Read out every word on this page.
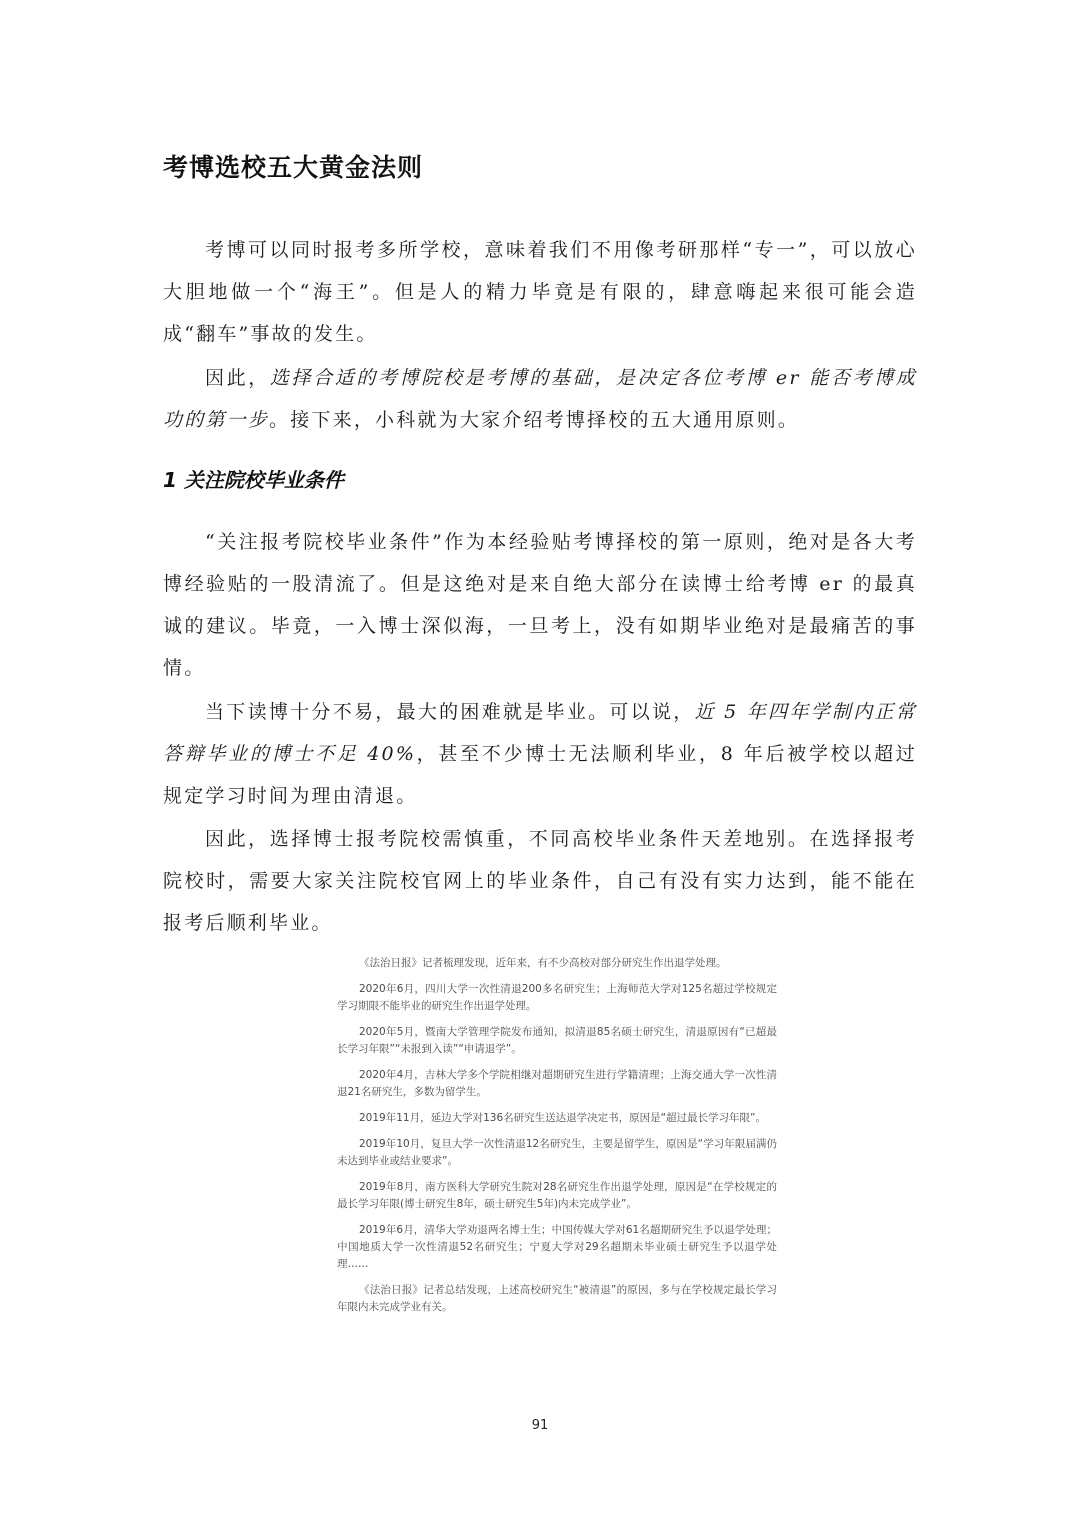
考博选校五大黄金法则

考博可以同时报考多所学校，意味着我们不用像考研那样“专一”，可以放心大胆地做一个“海王”。但是人的精力毕竟是有限的，肆意嗨起来很可能会造成“翻车”事故的发生。

因此，选择合适的考博院校是考博的基础，是决定各位考博 er 能否考博成功的第一步。接下来，小科就为大家介绍考博择校的五大通用原则。

1 关注院校毕业条件

“关注报考院校毕业条件”作为本经验贴考博择校的第一原则，绝对是各大考博经验贴的一股清流了。但是这绝对是来自绝大部分在读博士给考博 er 的最真诚的建议。毕竟，一入博士深似海，一旦考上，没有如期毕业绝对是最痛苦的事情。

当下读博十分不易，最大的困难就是毕业。可以说，近 5 年四年学制内正常答辩毕业的博士不足 40%，甚至不少博士无法顺利毕业，8 年后被学校以超过规定学习时间为理由清退。

因此，选择博士报考院校需慎重，不同高校毕业条件天差地别。在选择报考院校时，需要大家关注院校官网上的毕业条件，自己有没有实力达到，能不能在报考后顺利毕业。

《法治日报》记者梳理发现，近年来，有不少高校对部分研究生作出退学处理。

2020年6月，四川大学一次性清退200多名研究生；上海师范大学对125名超过学校规定学习期限不能毕业的研究生作出退学处理。

2020年5月，暨南大学管理学院发布通知，拟清退85名硕士研究生，清退原因有“已超最长学习年限”“未报到入读”“申请退学”。

2020年4月，吉林大学多个学院相继对超期研究生进行学籍清理；上海交通大学一次性清退21名研究生，多数为留学生。

2019年11月，延边大学对136名研究生送达退学决定书，原因是“超过最长学习年限”。

2019年10月，复旦大学一次性清退12名研究生，主要是留学生，原因是“学习年限届满仍未达到毕业或结业要求”。

2019年8月，南方医科大学研究生院对28名研究生作出退学处理，原因是“在学校规定的最长学习年限(博士研究生8年，硕士研究生5年)内未完成学业”。

2019年6月，清华大学劝退两名博士生；中国传媒大学对61名超期研究生予以退学处理；中国地质大学一次性清退52名研究生；宁夏大学对29名超期未毕业硕士研究生予以退学处理……

《法治日报》记者总结发现，上述高校研究生“被清退”的原因，多与在学校规定最长学习年限内未完成学业有关。

91
